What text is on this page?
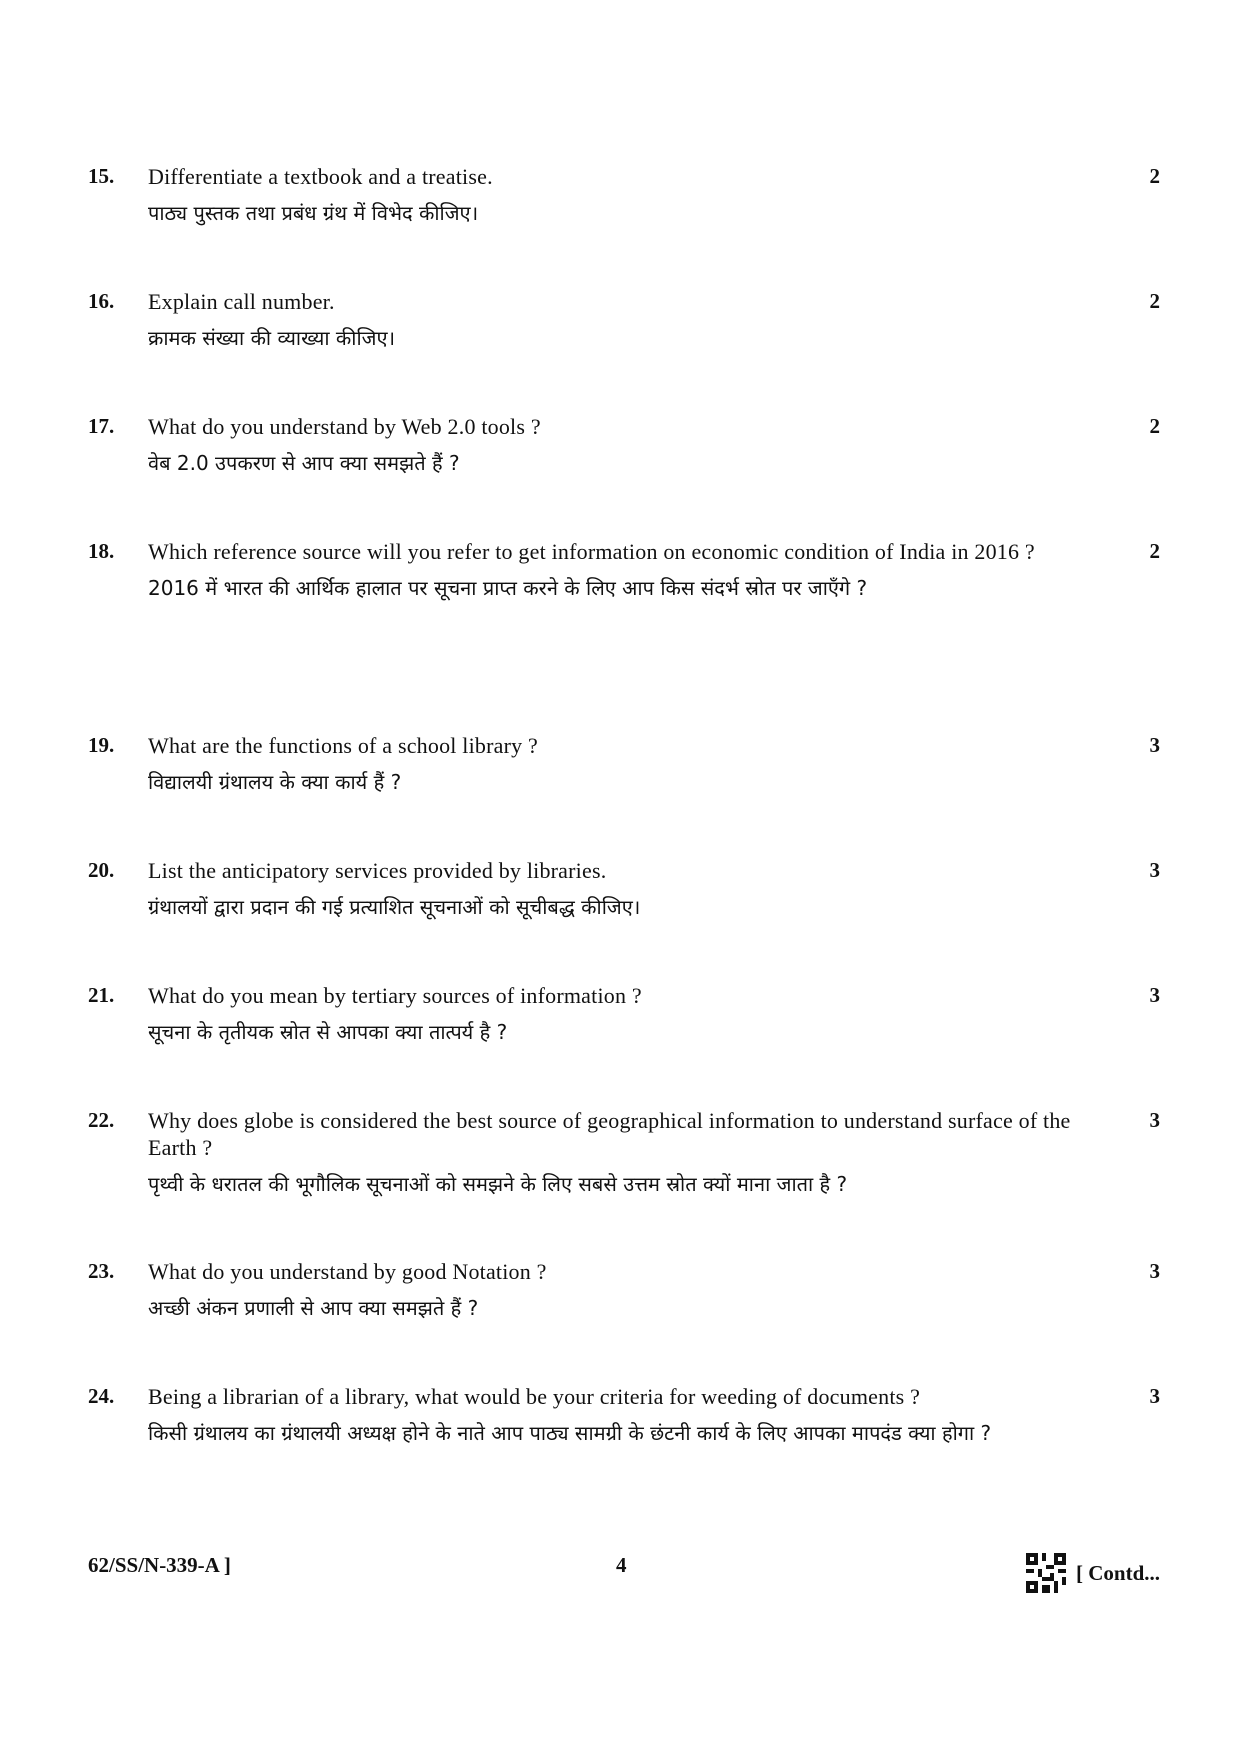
15.	Differentiate a textbook and a treatise.
पाठ्य पुस्तक तथा प्रबंध ग्रंथ में विभेद कीजिए।
2
16.	Explain call number.
क्रामक संख्या की व्याख्या कीजिए।
2
17.	What do you understand by Web 2.0 tools ?
वेब 2.0 उपकरण से आप क्या समझते हैं ?
2
18.	Which reference source will you refer to get information on economic condition of India in 2016 ?
2016 में भारत की आर्थिक हालात पर सूचना प्राप्त करने के लिए आप किस संदर्भ स्रोत पर जाएँगे ?
2
19.	What are the functions of a school library ?
विद्यालयी ग्रंथालय के क्या कार्य हैं ?
3
20.	List the anticipatory services provided by libraries.
ग्रंथालयों द्वारा प्रदान की गई प्रत्याशित सूचनाओं को सूचीबद्ध कीजिए।
3
21.	What do you mean by tertiary sources of information ?
सूचना के तृतीयक स्रोत से आपका क्या तात्पर्य है ?
3
22.	Why does globe is considered the best source of geographical information to understand surface of the Earth ?
पृथ्वी के धरातल की भूगौलिक सूचनाओं को समझने के लिए सबसे उत्तम स्रोत क्यों माना जाता है ?
3
23.	What do you understand by good Notation ?
अच्छी अंकन प्रणाली से आप क्या समझते हैं ?
3
24.	Being a librarian of a library, what would be your criteria for weeding of documents ?
किसी ग्रंथालय का ग्रंथालयी अध्यक्ष होने के नाते आप पाठ्य सामग्री के छंटनी कार्य के लिए आपका मापदंड क्या होगा ?
3
62/SS/N-339-A ]	4	[ Contd...
